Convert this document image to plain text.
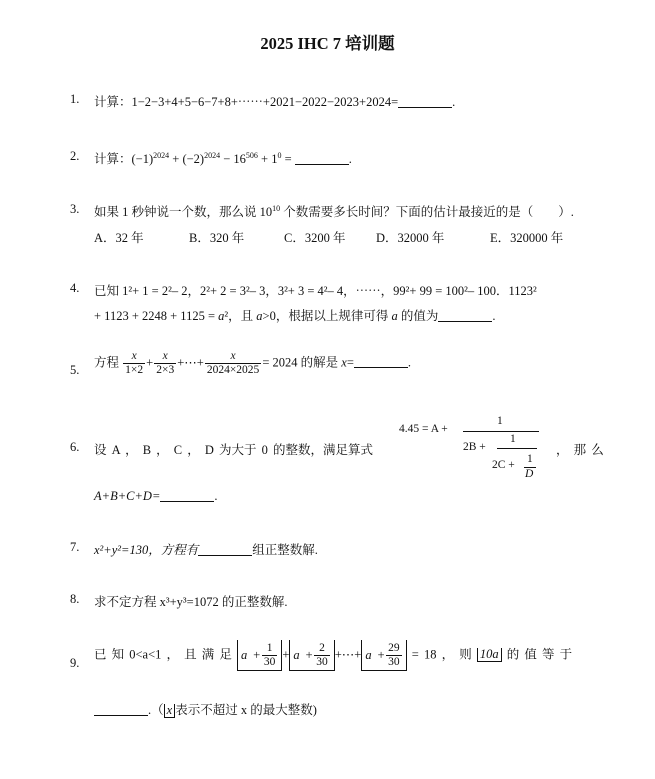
2025 IHC 7 培训题
1.	计算：1−2−3+4+5−6−7+8+⋯⋯+2021−2022−2023+2024=	.
2.	计算：$(-1)^{2024} + (-2)^{2024} - 16^{506} + 1^0$ =	.
3.	如果 1 秒钟说一个数，那么说 $10^{10}$ 个数需要多长时间？下面的估计最接近的是（　　）.
A．32 年	B．320 年	C．3200 年 D．32000 年	E．320000 年
4.	已知 1²+ 1 = 2²– 2，2²+ 2 = 3²– 3，3²+ 3 = 4²– 4，⋯⋯，99²+ 99 = 100²– 100．1123²
+ 1123 + 2248 + 1125 = a²，且 a>0，根据以上规律可得 a 的值为	.
5.
方程 $\frac{x}{1\times 2} + \frac{x}{2\times 3}$ +⋯+ $\frac{x}{2024\times 2025} = 2024$ 的解是 x=	.
6.	设 A ， B ， C ， D 为大于 0 的整数，满足算式
4.45 = A +
1
2B +
1
2C + 1
D
， 那 么
A+B+C+D=	.
7.	x²+y²=130，方程有	组正整数解.
8.	求不定方程 x³+y³=1072 的正整数解.
9.
已 知 0<a<1 ， 且 满 足 $a + \frac{1}{30} + a + \frac{2}{30}$ +⋯+ $a + \frac{29}{30} = 18$ ， 则 10a 的 值 等 于
.（ x 表示不超过 x 的最大整数)
